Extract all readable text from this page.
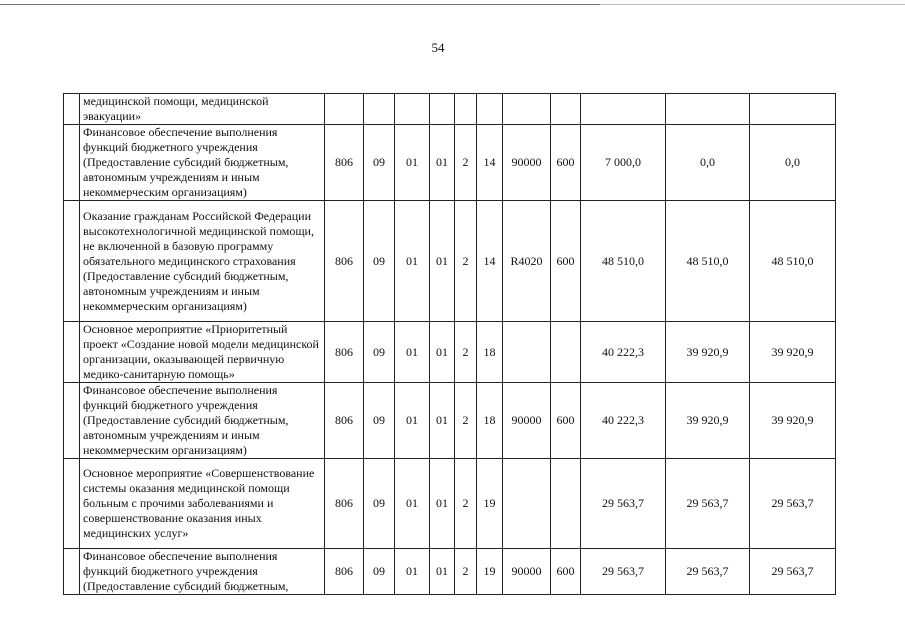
54
	медицинской помощи, медицинской эвакуации»											
	Финансовое обеспечение выполнения функций бюджетного учреждения (Предоставление субсидий бюджетным, автономным учреждениям и иным некоммерческим организациям)	806	09	01	01	2	14	90000	600	7 000,0	0,0	0,0
	Оказание гражданам Российской Федерации высокотехнологичной медицинской помощи, не включенной в базовую программу обязательного медицинского страхования (Предоставление субсидий бюджетным, автономным учреждениям и иным некоммерческим организациям)	806	09	01	01	2	14	R4020	600	48 510,0	48 510,0	48 510,0
	Основное мероприятие «Приоритетный проект «Создание новой модели медицинской организации, оказывающей первичную медико-санитарную помощь»	806	09	01	01	2	18			40 222,3	39 920,9	39 920,9
	Финансовое обеспечение выполнения функций бюджетного учреждения (Предоставление субсидий бюджетным, автономным учреждениям и иным некоммерческим организациям)	806	09	01	01	2	18	90000	600	40 222,3	39 920,9	39 920,9
	Основное мероприятие «Совершенствование системы оказания медицинской помощи больным с прочими заболеваниями и совершенствование оказания иных медицинских услуг»	806	09	01	01	2	19			29 563,7	29 563,7	29 563,7
	Финансовое обеспечение выполнения функций бюджетного учреждения (Предоставление субсидий бюджетным,	806	09	01	01	2	19	90000	600	29 563,7	29 563,7	29 563,7
